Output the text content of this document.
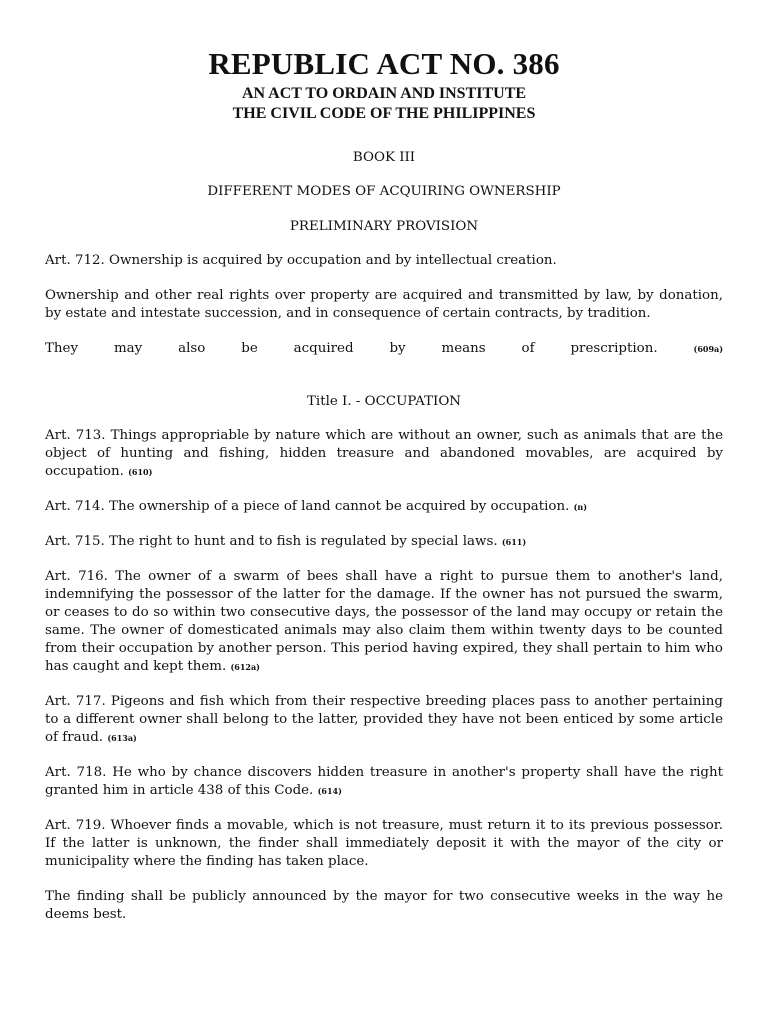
REPUBLIC ACT NO. 386
AN ACT TO ORDAIN AND INSTITUTE
THE CIVIL CODE OF THE PHILIPPINES
BOOK III
DIFFERENT MODES OF ACQUIRING OWNERSHIP
PRELIMINARY PROVISION

Art. 712. Ownership is acquired by occupation and by intellectual creation.

Ownership and other real rights over property are acquired and transmitted by law, by donation, by estate and intestate succession, and in consequence of certain contracts, by tradition.

They may also be acquired by means of prescription.	(609a)

Title I. - OCCUPATION

Art. 713. Things appropriable by nature which are without an owner, such as animals that are the object of hunting and fishing, hidden treasure and abandoned movables, are acquired by occupation. (610)

Art. 714. The ownership of a piece of land cannot be acquired by occupation. (n)

Art. 715. The right to hunt and to fish is regulated by special laws. (611)

Art. 716. The owner of a swarm of bees shall have a right to pursue them to another's land, indemnifying the possessor of the latter for the damage. If the owner has not pursued the swarm, or ceases to do so within two consecutive days, the possessor of the land may occupy or retain the same. The owner of domesticated animals may also claim them within twenty days to be counted from their occupation by another person. This period having expired, they shall pertain to him who has caught and kept them. (612a)

Art. 717. Pigeons and fish which from their respective breeding places pass to another pertaining to a different owner shall belong to the latter, provided they have not been enticed by some article of fraud. (613a)

Art. 718. He who by chance discovers hidden treasure in another's property shall have the right granted him in article 438 of this Code. (614)

Art. 719. Whoever finds a movable, which is not treasure, must return it to its previous possessor. If the latter is unknown, the finder shall immediately deposit it with the mayor of the city or municipality where the finding has taken place.

The finding shall be publicly announced by the mayor for two consecutive weeks in the way he deems best.
